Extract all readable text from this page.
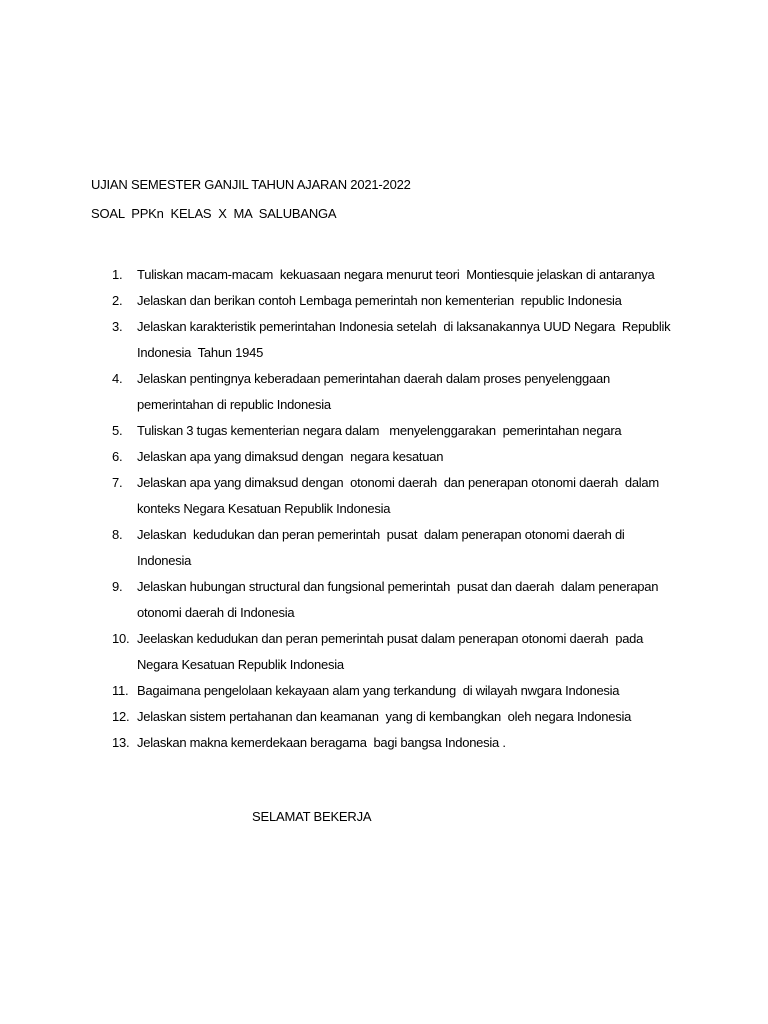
UJIAN SEMESTER GANJIL TAHUN AJARAN 2021-2022
SOAL  PPKn  KELAS  X  MA  SALUBANGA
1. Tuliskan macam-macam  kekuasaan negara menurut teori  Montiesquie jelaskan di antaranya
2. Jelaskan dan berikan contoh Lembaga pemerintah non kementerian  republic Indonesia
3. Jelaskan karakteristik pemerintahan Indonesia setelah  di laksanakannya UUD Negara  Republik Indonesia  Tahun 1945
4. Jelaskan pentingnya keberadaan pemerintahan daerah dalam proses penyelenggaan pemerintahan di republic Indonesia
5. Tuliskan 3 tugas kementerian negara dalam   menyelenggarakan  pemerintahan negara
6. Jelaskan apa yang dimaksud dengan  negara kesatuan
7. Jelaskan apa yang dimaksud dengan  otonomi daerah  dan penerapan otonomi daerah  dalam konteks Negara Kesatuan Republik Indonesia
8. Jelaskan  kedudukan dan peran pemerintah  pusat  dalam penerapan otonomi daerah di Indonesia
9. Jelaskan hubungan structural dan fungsional pemerintah  pusat dan daerah  dalam penerapan otonomi daerah di Indonesia
10. Jeelaskan kedudukan dan peran pemerintah pusat dalam penerapan otonomi daerah  pada Negara Kesatuan Republik Indonesia
11. Bagaimana pengelolaan kekayaan alam yang terkandung  di wilayah nwgara Indonesia
12. Jelaskan sistem pertahanan dan keamanan  yang di kembangkan  oleh negara Indonesia
13. Jelaskan makna kemerdekaan beragama  bagi bangsa Indonesia .
SELAMAT BEKERJA
